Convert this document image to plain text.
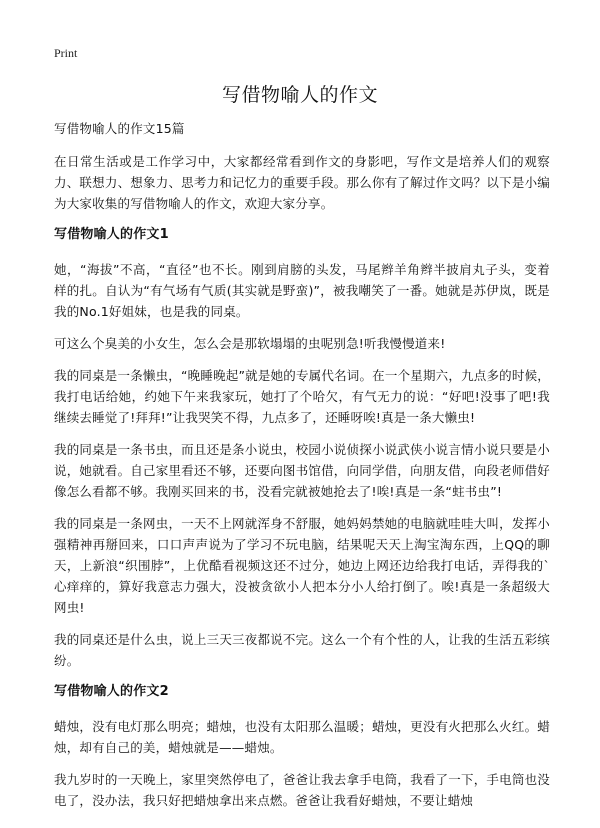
Print
写借物喻人的作文

写借物喻人的作文15篇

在日常生活或是工作学习中，大家都经常看到作文的身影吧，写作文是培养人们的观察力、联想力、想象力、思考力和记忆力的重要手段。那么你有了解过作文吗？以下是小编为大家收集的写借物喻人的作文，欢迎大家分享。

写借物喻人的作文1

她，“海拔”不高，“直径”也不长。刚到肩膀的头发，马尾辫羊角辫半披肩丸子头，变着样的扎。自认为“有气场有气质(其实就是野蛮)”，被我嘲笑了一番。她就是苏伊岚，既是我的No.1好姐妹，也是我的同桌。

可这么个臭美的小女生，怎么会是那软塌塌的虫呢别急!听我慢慢道来!

我的同桌是一条懒虫，“晚睡晚起”就是她的专属代名词。在一个星期六，九点多的时候，我打电话给她，约她下午来我家玩，她打了个哈欠，有气无力的说：“好吧!没事了吧!我继续去睡觉了!拜拜!”让我哭笑不得，九点多了，还睡呀唉!真是一条大懒虫!

我的同桌是一条书虫，而且还是条小说虫，校园小说侦探小说武侠小说言情小说只要是小说，她就看。自己家里看还不够，还要向图书馆借，向同学借，向朋友借，向段老师借好像怎么看都不够。我刚买回来的书，没看完就被她抢去了!唉!真是一条“蛀书虫”!

我的同桌是一条网虫，一天不上网就浑身不舒服，她妈妈禁她的电脑就哇哇大叫，发挥小强精神再掰回来，口口声声说为了学习不玩电脑，结果呢天天上淘宝淘东西，上QQ的聊天，上新浪“织围脖”，上优酷看视频这还不过分，她边上网还边给我打电话，弄得我的`心痒痒的，算好我意志力强大，没被贪欲小人把本分小人给打倒了。唉!真是一条超级大网虫!

我的同桌还是什么虫，说上三天三夜都说不完。这么一个有个性的人，让我的生活五彩缤纷。

写借物喻人的作文2

蜡烛，没有电灯那么明亮；蜡烛，也没有太阳那么温暖；蜡烛，更没有火把那么火红。蜡烛，却有自己的美，蜡烛就是——蜡烛。

我九岁时的一天晚上，家里突然停电了，爸爸让我去拿手电筒，我看了一下，手电筒也没电了，没办法，我只好把蜡烛拿出来点燃。爸爸让我看好蜡烛，不要让蜡烛
